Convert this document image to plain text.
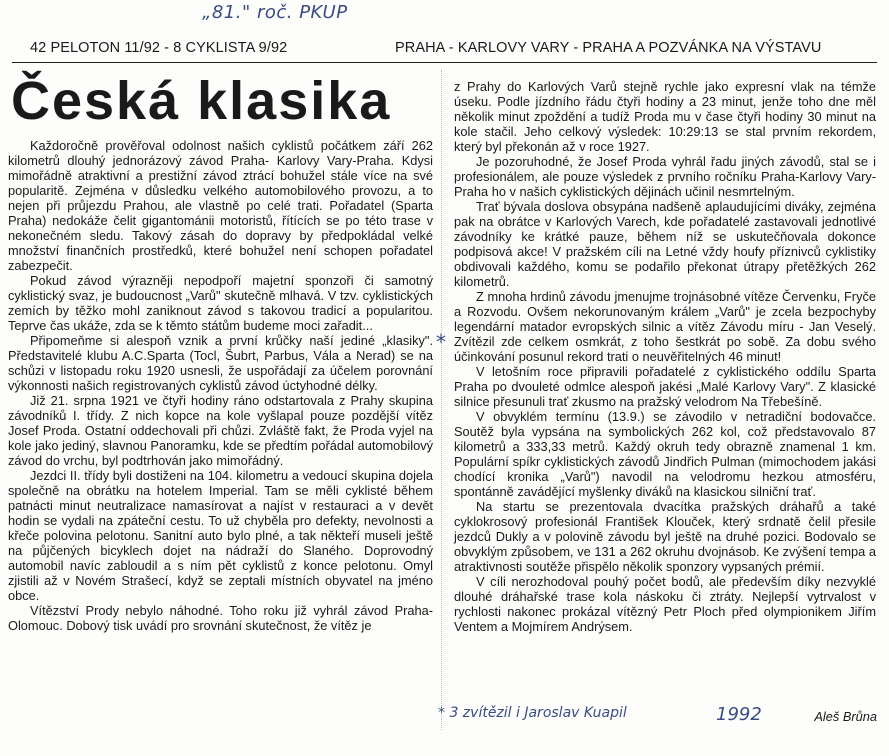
„81." roč. PKUP
42 PELOTON 11/92 - 8 CYKLISTA 9/92	PRAHA - KARLOVY VARY - PRAHA A POZVÁNKA NA VÝSTAVU
Česká klasika

Každoročně prověřoval odolnost našich cyklistů počátkem září 262 kilometrů dlouhý jednorázový závod Praha- Karlovy Vary-Praha. Kdysi mimořádně atraktivní a prestižní závod ztrácí bohužel stále více na své popularitě. Zejména v důsledku velkého automobilového provozu, a to nejen při průjezdu Prahou, ale vlastně po celé trati. Pořadatel (Sparta Praha) nedokáže čelit gigantománii motoristů, řítících se po této trase v nekonečném sledu. Takový zásah do dopravy by předpokládal velké množství finančních prostředků, které bohužel není schopen pořadatel zabezpečit.

Pokud závod výrazněji nepodpoří majetní sponzoři či samotný cyklistický svaz, je budoucnost „Varů" skutečně mlhavá. V tzv. cyklistických zemích by těžko mohl zaniknout závod s takovou tradicí a popularitou. Teprve čas ukáže, zda se k těmto státům budeme moci zařadit...

Připomeňme si alespoň vznik a první krůčky naší jediné „klasiky". Představitelé klubu A.C.Sparta (Tocl, Šubrt, Parbus, Vála a Nerad) se na schůzi v listopadu roku 1920 usnesli, že uspořádají za účelem porovnání výkonnosti našich registrovaných cyklistů závod úctyhodné délky.

Již 21. srpna 1921 ve čtyři hodiny ráno odstartovala z Prahy skupina závodníků I. třídy. Z nich kopce na kole vyšlapal pouze pozdější vítěz Josef Proda. Ostatní oddechovali při chůzi. Zvláště fakt, že Proda vyjel na kole jako jediný, slavnou Panoramku, kde se předtím pořádal automobilový závod do vrchu, byl podtrhován jako mimořádný.

Jezdci II. třídy byli dostiženi na 104. kilometru a vedoucí skupina dojela společně na obrátku na hotelem Imperial. Tam se měli cyklisté během patnácti minut neutralizace namasírovat a najíst v restauraci a v devět hodin se vydali na zpáteční cestu. To už chyběla pro defekty, nevolnosti a křeče polovina pelotonu. Sanitní auto bylo plné, a tak někteří museli ještě na půjčených bicyklech dojet na nádraží do Slaného. Doprovodný automobil navíc zabloudil a s ním pět cyklistů z konce pelotonu. Omyl zjistili až v Novém Strašecí, když se zeptali místních obyvatel na jméno obce.

Vítězství Prody nebylo náhodné. Toho roku již vyhrál závod Praha-Olomouc. Dobový tisk uvádí pro srovnání skutečnost, že vítěz je

z Prahy do Karlových Varů stejně rychle jako expresní vlak na témže úseku. Podle jízdního řádu čtyři hodiny a 23 minut, jenže toho dne měl několik minut zpoždění a tudíž Proda mu v čase čtyři hodiny 30 minut na kole stačil. Jeho celkový výsledek: 10:29:13 se stal prvním rekordem, který byl překonán až v roce 1927.

Je pozoruhodné, že Josef Proda vyhrál řadu jiných závodů, stal se i profesionálem, ale pouze výsledek z prvního ročníku Praha-Karlovy Vary-Praha ho v našich cyklistických dějinách učinil nesmrtelným.

Trať bývala doslova obsypána nadšeně aplaudujícími diváky, zejména pak na obrátce v Karlových Varech, kde pořadatelé zastavovali jednotlivé závodníky ke krátké pauze, během níž se uskutečňovala dokonce podpisová akce! V pražském cíli na Letné vždy houfy příznivců cyklistiky obdivovali každého, komu se podařilo překonat útrapy přetěžkých 262 kilometrů.

Z mnoha hrdinů závodu jmenujme trojnásobné vítěze Červenku, Fryče a Rozvodu. Ovšem nekorunovaným králem „Varů" je zcela bezpochyby legendární matador evropských silnic a vítěz Závodu míru - Jan Veselý. Zvítězil zde celkem osmkrát, z toho šestkrát po sobě. Za dobu svého účinkování posunul rekord trati o neuvěřitelných 46 minut!

V letošním roce připravili pořadatelé z cyklistického oddílu Sparta Praha po dvouleté odmlce alespoň jakési „Malé Karlovy Vary". Z klasické silnice přesunuli trať zkusmo na pražský velodrom Na Třebešíně.

V obvyklém termínu (13.9.) se závodilo v netradiční bodovačce. Soutěž byla vypsána na symbolických 262 kol, což představovalo 87 kilometrů a 333,33 metrů. Každý okruh tedy obrazně znamenal 1 km. Populární spíkr cyklistických závodů Jindřich Pulman (mimochodem jakási chodící kronika „Varů") navodil na velodromu hezkou atmosféru, spontánně zavádějící myšlenky diváků na klasickou silniční trať.

Na startu se prezentovala dvacítka pražských dráhařů a také cyklokrosový profesionál František Klouček, který srdnatě čelil přesile jezdců Dukly a v polovině závodu byl ještě na druhé pozici. Bodovalo se obvyklým způsobem, ve 131 a 262 okruhu dvojnásob. Ke zvýšení tempa a atraktivnosti soutěže přispělo několik sponzory vypsaných prémií.

V cíli nerozhodoval pouhý počet bodů, ale především díky nezvyklé dlouhé dráhařské trase kola náskoku či ztráty. Nejlepší vytrvalost v rychlosti nakonec prokázal vítězný Petr Ploch před olympionikem Jiřím Ventem a Mojmírem Andrýsem.

*
* 3 zvítězil i Jaroslav Kuapil	1992	Aleš Brůna
